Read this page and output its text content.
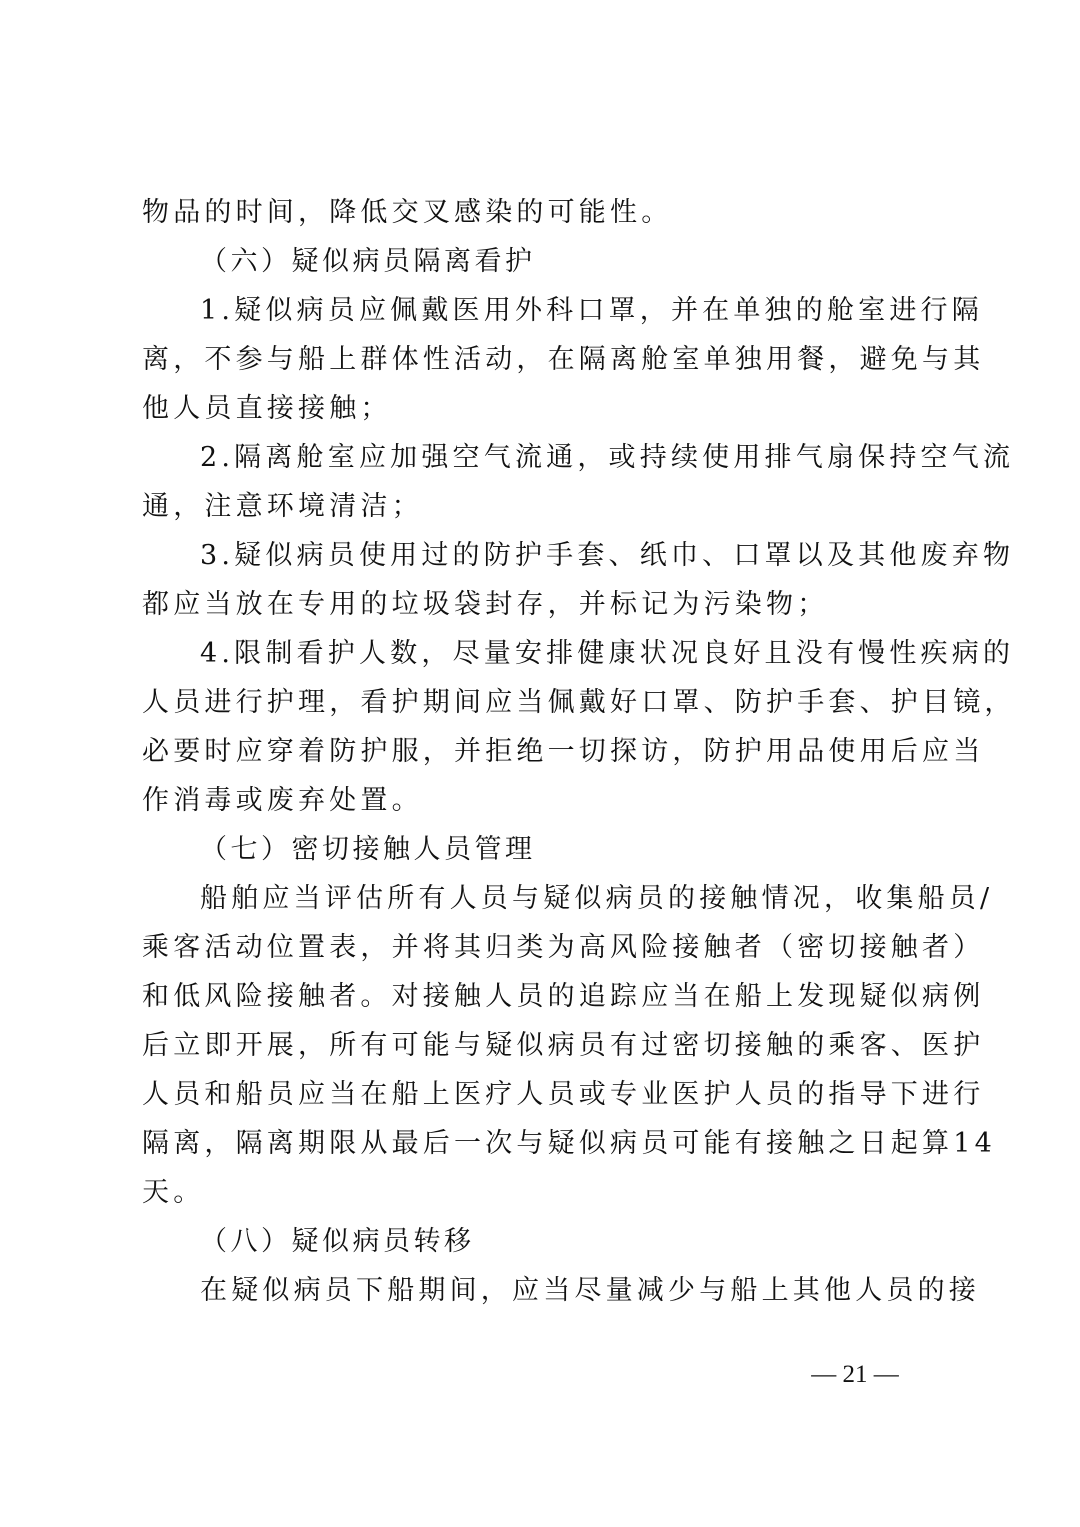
物品的时间，降低交叉感染的可能性。
（六）疑似病员隔离看护
1.疑似病员应佩戴医用外科口罩，并在单独的舱室进行隔
离，不参与船上群体性活动，在隔离舱室单独用餐，避免与其
他人员直接接触；
2.隔离舱室应加强空气流通，或持续使用排气扇保持空气流
通，注意环境清洁；
3.疑似病员使用过的防护手套、纸巾、口罩以及其他废弃物
都应当放在专用的垃圾袋封存，并标记为污染物；
4.限制看护人数，尽量安排健康状况良好且没有慢性疾病的
人员进行护理，看护期间应当佩戴好口罩、防护手套、护目镜，
必要时应穿着防护服，并拒绝一切探访，防护用品使用后应当
作消毒或废弃处置。
（七）密切接触人员管理
船舶应当评估所有人员与疑似病员的接触情况，收集船员/
乘客活动位置表，并将其归类为高风险接触者（密切接触者）
和低风险接触者。对接触人员的追踪应当在船上发现疑似病例
后立即开展，所有可能与疑似病员有过密切接触的乘客、医护
人员和船员应当在船上医疗人员或专业医护人员的指导下进行
隔离，隔离期限从最后一次与疑似病员可能有接触之日起算14
天。
（八）疑似病员转移
在疑似病员下船期间，应当尽量减少与船上其他人员的接
— 21 —
